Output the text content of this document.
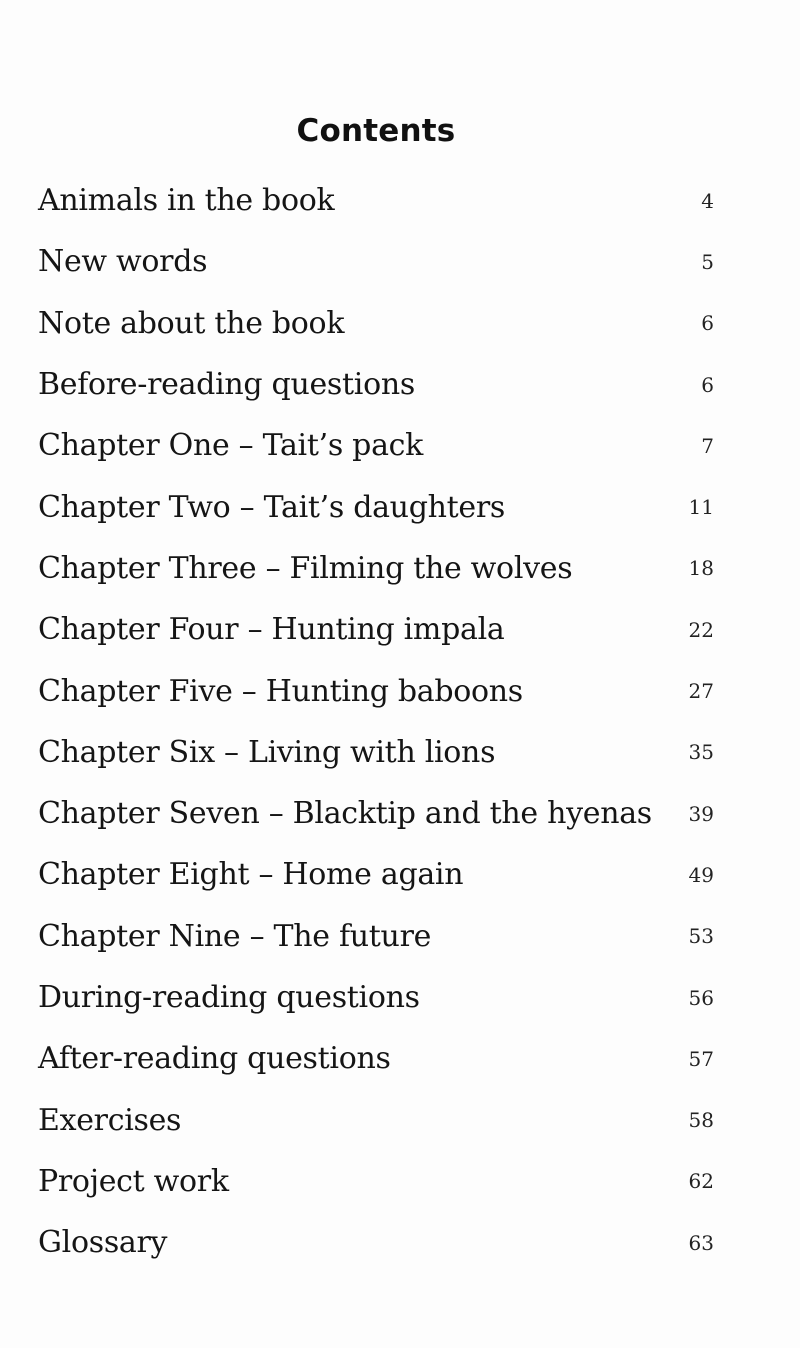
Contents
Animals in the book	4
New words	5
Note about the book	6
Before-reading questions	6
Chapter One – Tait’s pack	7
Chapter Two – Tait’s daughters	11
Chapter Three – Filming the wolves	18
Chapter Four – Hunting impala	22
Chapter Five – Hunting baboons	27
Chapter Six – Living with lions	35
Chapter Seven – Blacktip and the hyenas	39
Chapter Eight – Home again	49
Chapter Nine – The future	53
During-reading questions	56
After-reading questions	57
Exercises	58
Project work	62
Glossary	63
